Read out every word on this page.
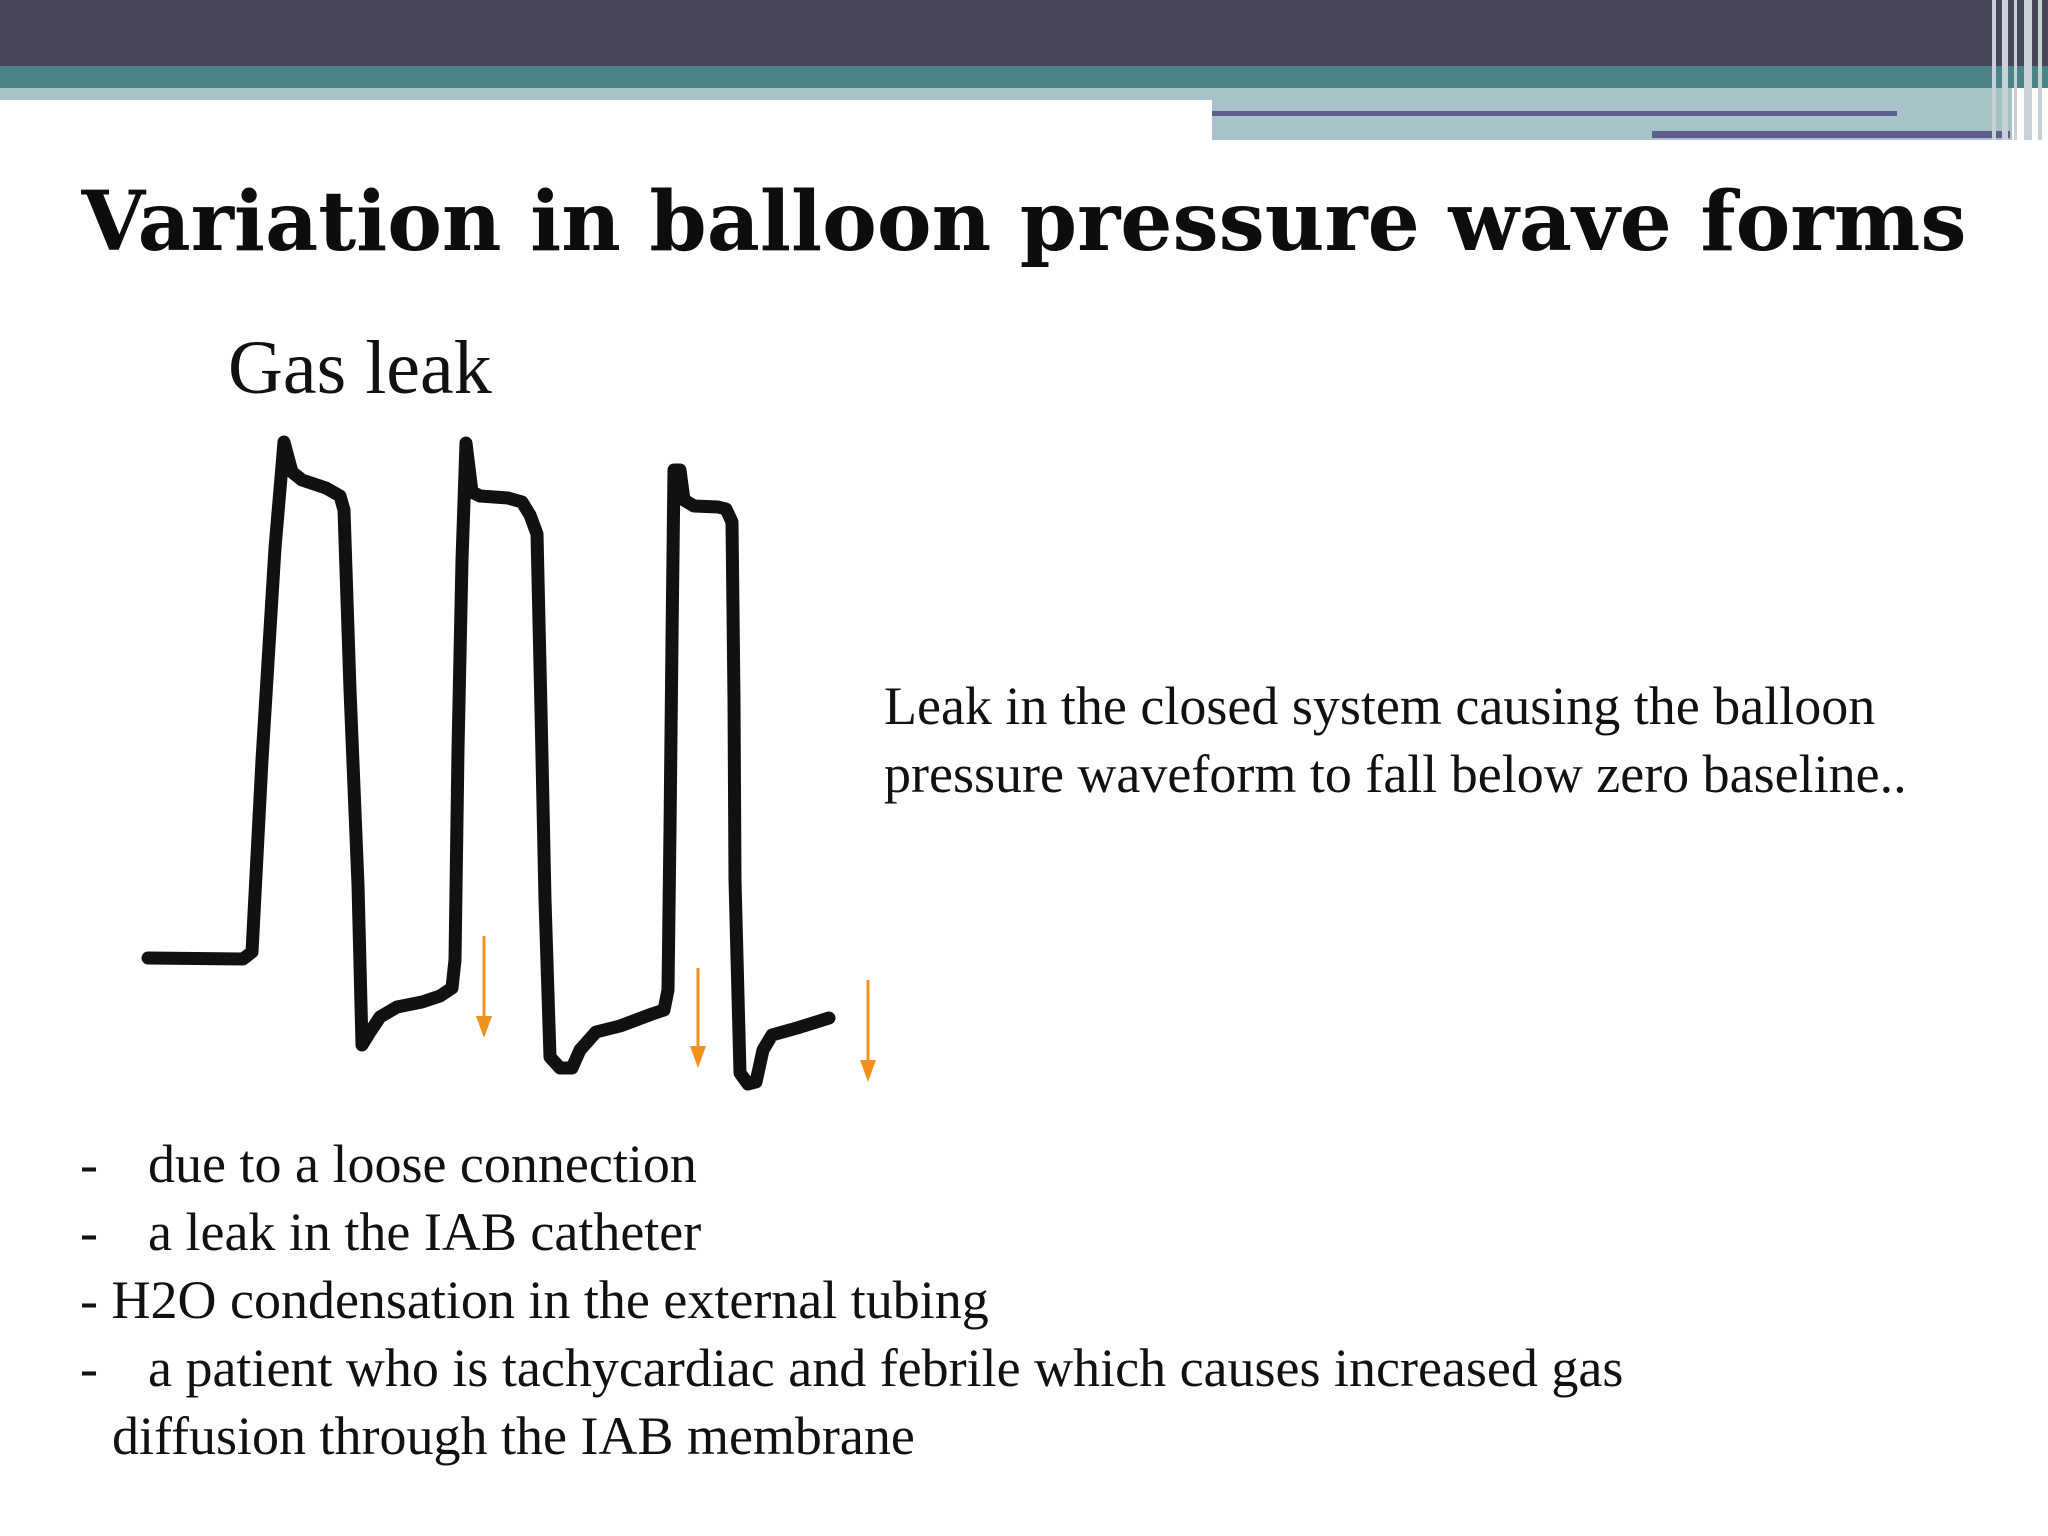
Variation in balloon pressure wave forms
Gas leak
Leak in the closed system causing the balloon pressure waveform to fall below zero baseline..
- due to a loose connection
- a leak in the IAB catheter
- H2O condensation in the external tubing
- a patient who is tachycardiac and febrile which causes increased gas
diffusion through the IAB membrane
